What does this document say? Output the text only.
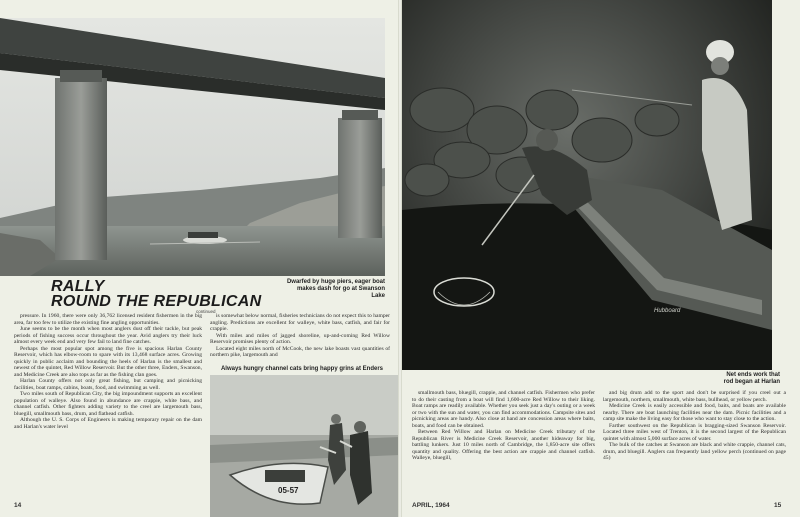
Dwarfed by huge piers, eager boat makes dash for go at Swanson Lake
RALLY
ROUND THE REPUBLICAN
continued

pressure. In 1960, there were only 36,762 licensed resident fishermen in the big area, far too few to utilize the existing fine angling opportunities.

June seems to be the month when most anglers dust off their tackle, but peak periods of fishing success occur throughout the year. Avid anglers try their luck almost every week end and very few fail to land fine catches.

Perhaps the most popular spot among the five is spacious Harlan County Reservoir, which has elbow-room to spare with its 13,468 surface acres. Growing quickly in public acclaim and bounding the heels of Harlan is the smallest and newest of the quintet, Red Willow Reservoir. But the other three, Enders, Swanson, and Medicine Creek are also tops as far as the fishing clan goes.

Harlan County offers not only great fishing, but camping and picnicking facilities, boat ramps, cabins, boats, food, and swimming as well.

Two miles south of Republican City, the big impoundment supports an excellent population of walleye. Also found in abundance are crappie, white bass, and channel catfish. Other fighters adding variety to the creel are largemouth bass, bluegill, smallmouth bass, drum, and flathead catfish.

Although the U. S. Corps of Engineers is making temporary repair on the dam and Harlan's water level

is somewhat below normal, fisheries technicians do not expect this to hamper angling. Predictions are excellent for walleye, white bass, catfish, and fair for crappie.

With miles and miles of jagged shoreline, up-and-coming Red Willow Reservoir promises plenty of action.

Located eight miles north of McCook, the new lake boasts vast quantities of northern pike, largemouth and

Always hungry channel cats bring happy grins at Enders
05-57
14
Hubboard
Net ends work that rod began at Harlan

smallmouth bass, bluegill, crappie, and channel catfish. Fishermen who prefer to do their casting from a boat will find 1,600-acre Red Willow to their liking. Boat ramps are readily available. Whether you seek just a day's outing or a week or two with the sun and water, you can find accommodations. Campsite sites and picnicking areas are handy. Also close at hand are concession areas where baits, boats, and food can be obtained.

Between Red Willow and Harlan on Medicine Creek tributary of the Republican River is Medicine Creek Reservoir, another hideaway for big, battling lunkers. Just 10 miles north of Cambridge, the 1,850-acre site offers quantity and quality. Offering the best action are crappie and channel catfish. Walleye, bluegill,

and big drum add to the sport and don't be surprised if you creel out a largemouth, northern, smallmouth, white bass, bullhead, or yellow perch.

Medicine Creek is easily accessible and food, baits, and boats are available nearby. There are boat launching facilities near the dam. Picnic facilities and a camp site make the living easy for those who want to stay close to the action.

Farther southwest on the Republican is bragging-sized Swanson Reservoir. Located three miles west of Trenton, it is the second largest of the Republican quintet with almost 5,000 surface acres of water.

The bulk of the catches at Swanson are black and white crappie, channel cats, drum, and bluegill. Anglers can frequently land yellow perch (continued on page 45)

APRIL, 1964	15
